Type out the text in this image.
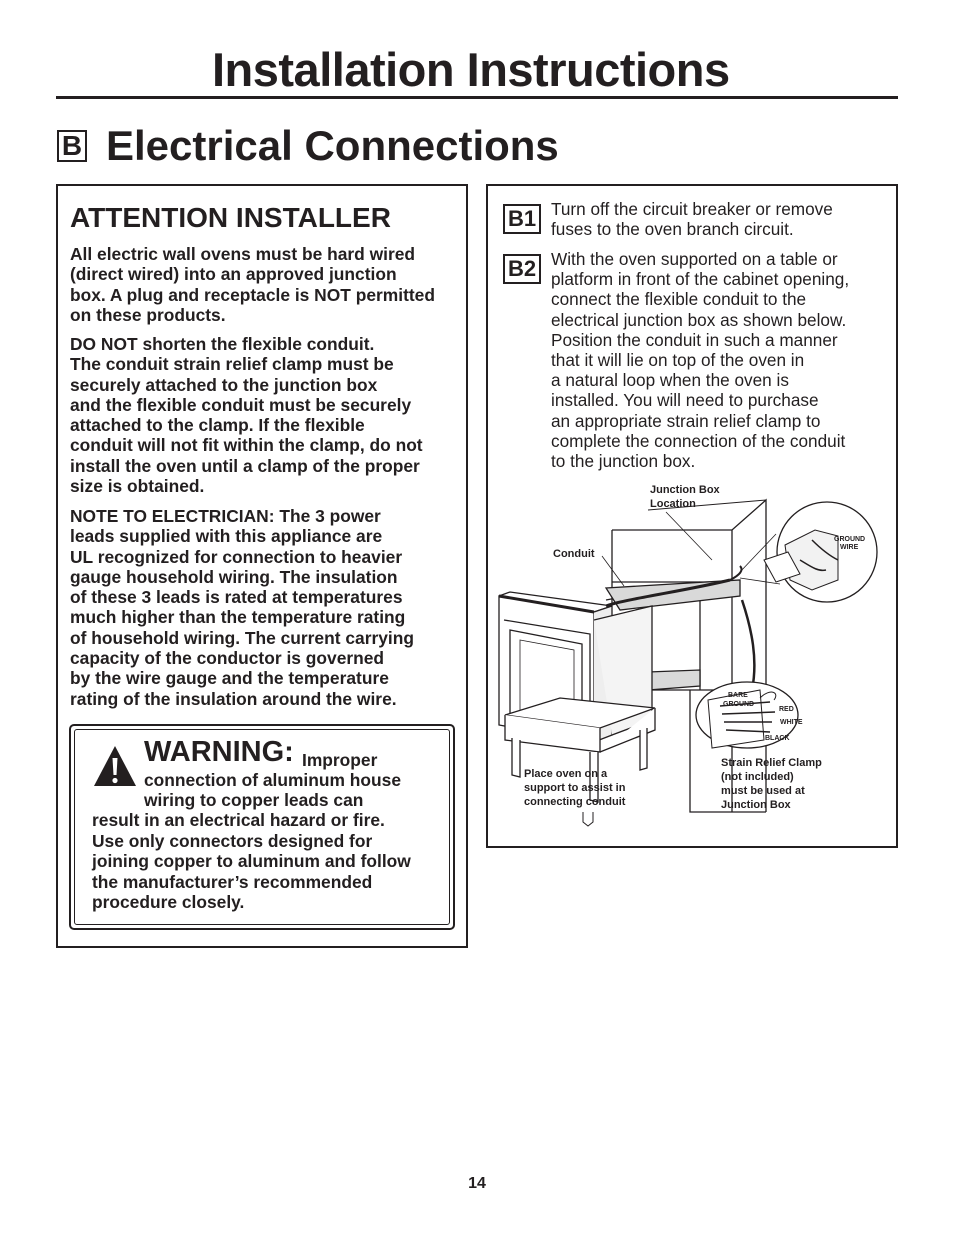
Installation Instructions
B Electrical Connections
ATTENTION INSTALLER
All electric wall ovens must be hard wired
(direct wired) into an approved junction
box. A plug and receptacle is NOT permitted
on these products.
DO NOT shorten the flexible conduit.
The conduit strain relief clamp must be
securely attached to the junction box
and the flexible conduit must be securely
attached to the clamp. If the flexible
conduit will not fit within the clamp, do not
install the oven until a clamp of the proper
size is obtained.
NOTE TO ELECTRICIAN: The 3 power
leads supplied with this appliance are
UL recognized for connection to heavier
gauge household wiring. The insulation
of these 3 leads is rated at temperatures
much higher than the temperature rating
of household wiring. The current carrying
capacity of the conductor is governed
by the wire gauge and the temperature
rating of the insulation around the wire.
WARNING: Improper
connection of aluminum house
wiring to copper leads can
result in an electrical hazard or fire.
Use only connectors designed for
joining copper to aluminum and follow
the manufacturer’s recommended
procedure closely.
B1 Turn off the circuit breaker or remove
fuses to the oven branch circuit.
B2 With the oven supported on a table or
platform in front of the cabinet opening,
connect the flexible conduit to the
electrical junction box as shown below.
Position the conduit in such a manner
that it will lie on top of the oven in
a natural loop when the oven is
installed. You will need to purchase
an appropriate strain relief clamp to
complete the connection of the conduit
to the junction box.
Junction Box
Location
Conduit
GROUND
WIRE
BARE
GROUND
RED
WHITE
BLACK
Place oven on a
support to assist in
connecting conduit
Strain Relief Clamp
(not included)
must be used at
Junction Box
14
